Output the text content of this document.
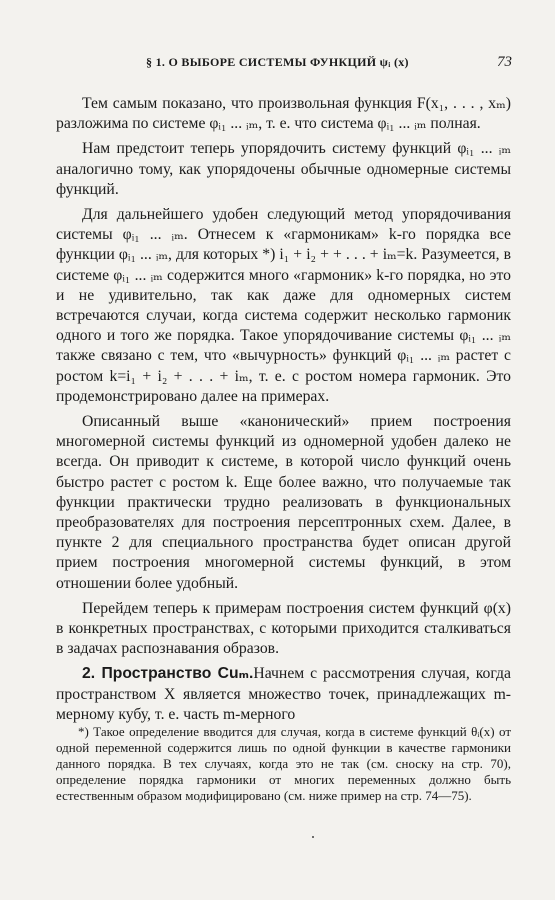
§ 1. О ВЫБОРЕ СИСТЕМЫ ФУНКЦИЙ ψᵢ (x)	73

Тем самым показано, что произвольная функция F(x₁, . . . , xₘ) разложима по системе φᵢ₁ ... ᵢₘ, т. е. что система φᵢ₁ ... ᵢₘ полная.

Нам предстоит теперь упорядочить систему функций φᵢ₁ ... ᵢₘ аналогично тому, как упорядочены обычные одномерные системы функций.

Для дальнейшего удобен следующий метод упорядочивания системы φᵢ₁ ... ᵢₘ. Отнесем к «гармоникам» k-го порядка все функции φᵢ₁ ... ᵢₘ, для которых *) i₁ + i₂ + + . . . + iₘ=k. Разумеется, в системе φᵢ₁ ... ᵢₘ содержится много «гармоник» k-го порядка, но это и не удивительно, так как даже для одномерных систем встречаются случаи, когда система содержит несколько гармоник одного и того же порядка. Такое упорядочивание системы φᵢ₁ ... ᵢₘ также связано с тем, что «вычурность» функций φᵢ₁ ... ᵢₘ растет с ростом k=i₁ + i₂ + . . . + iₘ, т. е. с ростом номера гармоник. Это продемонстрировано далее на примерах.

Описанный выше «канонический» прием построения многомерной системы функций из одномерной удобен далеко не всегда. Он приводит к системе, в которой число функций очень быстро растет с ростом k. Еще более важно, что получаемые так функции практически трудно реализовать в функциональных преобразователях для построения персептронных схем. Далее, в пункте 2 для специального пространства будет описан другой прием построения многомерной системы функций, в этом отношении более удобный.

Перейдем теперь к примерам построения систем функций φ(x) в конкретных пространствах, с которыми приходится сталкиваться в задачах распознавания образов.

2. Пространство Cuₘ.Начнем с рассмотрения случая, когда пространством X является множество точек, принадлежащих m-мерному кубу, т. е. часть m-мерного

*) Такое определение вводится для случая, когда в системе функций θᵢ(x) от одной переменной содержится лишь по одной функции в качестве гармоники данного порядка. В тех случаях, когда это не так (см. сноску на стр. 70), определение порядка гармоники от многих переменных должно быть естественным образом модифицировано (см. ниже пример на стр. 74—75).
